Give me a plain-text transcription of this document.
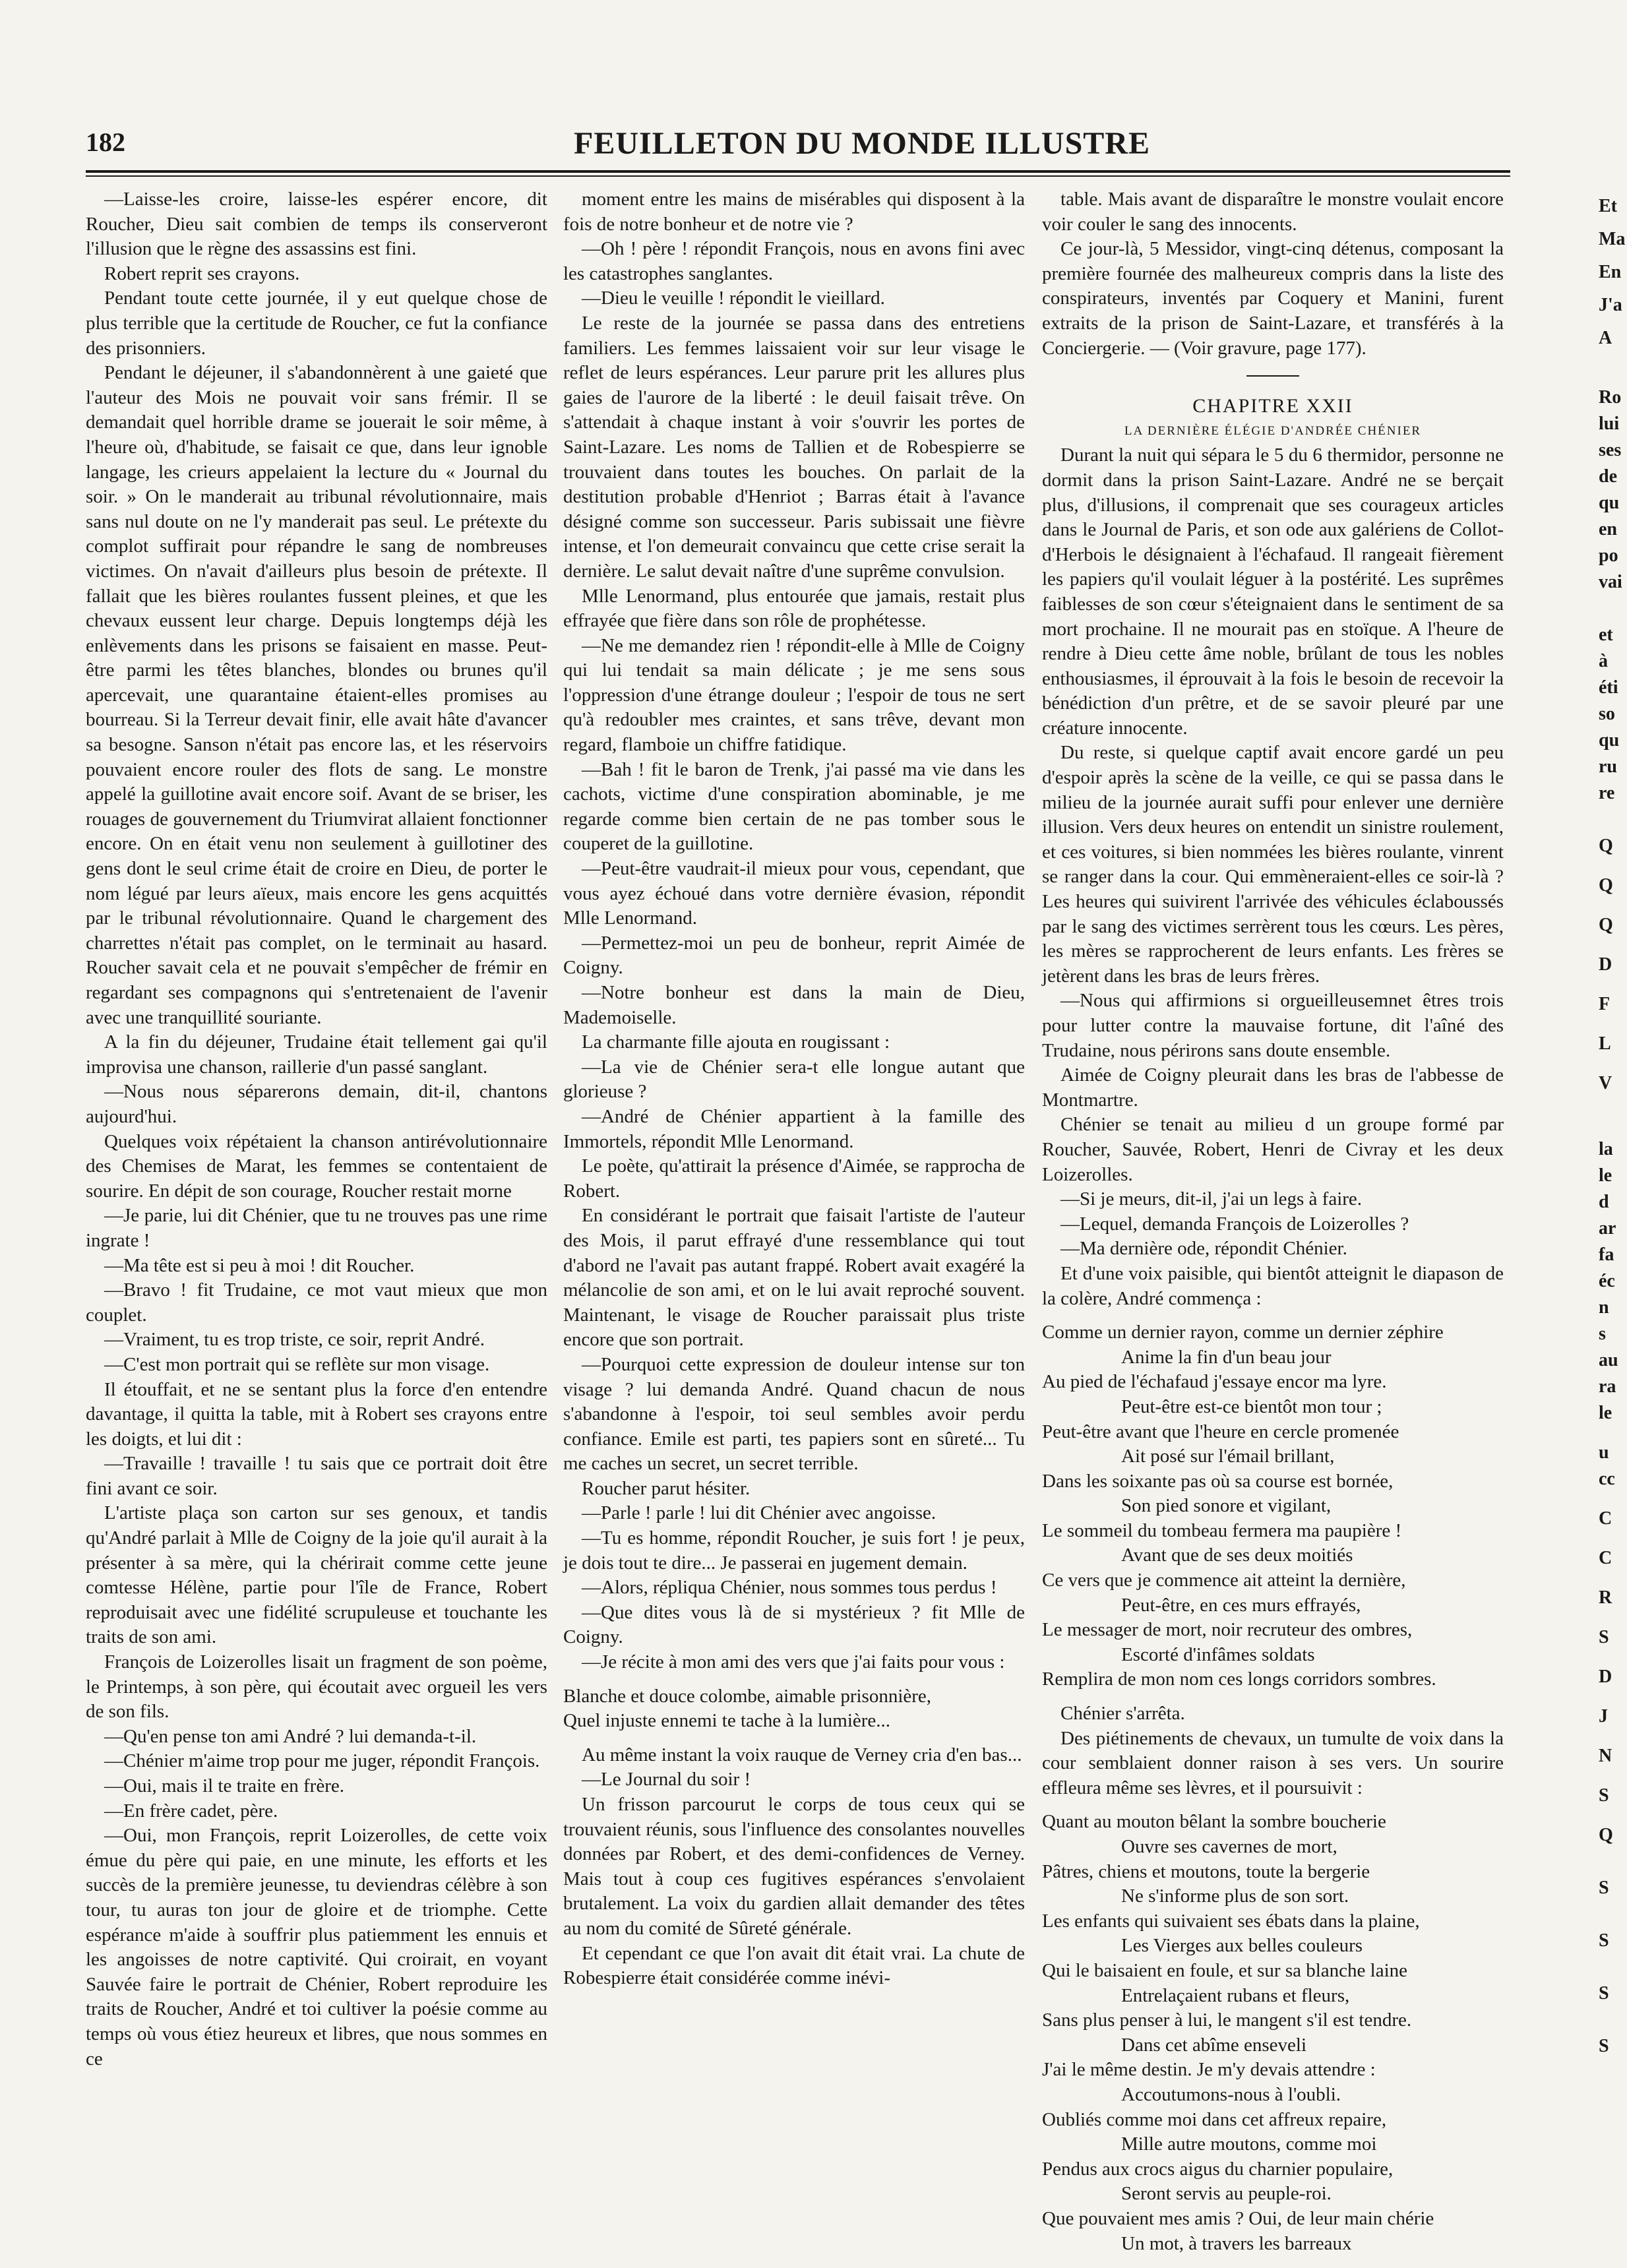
182	FEUILLETON DU MONDE ILLUSTRE

—Laisse-les croire, laisse-les espérer encore, dit Roucher, Dieu sait combien de temps ils conserveront l'illusion que le règne des assassins est fini.

Robert reprit ses crayons.

Pendant toute cette journée, il y eut quelque chose de plus terrible que la certitude de Roucher, ce fut la confiance des prisonniers.

Pendant le déjeuner, il s'abandonnèrent à une gaieté que l'auteur des Mois ne pouvait voir sans frémir. Il se demandait quel horrible drame se jouerait le soir même, à l'heure où, d'habitude, se faisait ce que, dans leur ignoble langage, les crieurs appelaient la lecture du « Journal du soir. » On le manderait au tribunal révolutionnaire, mais sans nul doute on ne l'y manderait pas seul. Le prétexte du complot suffirait pour répandre le sang de nombreuses victimes. On n'avait d'ailleurs plus besoin de prétexte. Il fallait que les bières roulantes fussent pleines, et que les chevaux eussent leur charge. Depuis longtemps déjà les enlèvements dans les prisons se faisaient en masse. Peut-être parmi les têtes blanches, blondes ou brunes qu'il apercevait, une quarantaine étaient-elles promises au bourreau. Si la Terreur devait finir, elle avait hâte d'avancer sa besogne. Sanson n'était pas encore las, et les réservoirs pouvaient encore rouler des flots de sang. Le monstre appelé la guillotine avait encore soif. Avant de se briser, les rouages de gouvernement du Triumvirat allaient fonctionner encore. On en était venu non seulement à guillotiner des gens dont le seul crime était de croire en Dieu, de porter le nom légué par leurs aïeux, mais encore les gens acquittés par le tribunal révolutionnaire. Quand le chargement des charrettes n'était pas complet, on le terminait au hasard. Roucher savait cela et ne pouvait s'empêcher de frémir en regardant ses compagnons qui s'entretenaient de l'avenir avec une tranquillité souriante.

A la fin du déjeuner, Trudaine était tellement gai qu'il improvisa une chanson, raillerie d'un passé sanglant.

—Nous nous séparerons demain, dit-il, chantons aujourd'hui.

Quelques voix répétaient la chanson antirévolutionnaire des Chemises de Marat, les femmes se contentaient de sourire. En dépit de son courage, Roucher restait morne

—Je parie, lui dit Chénier, que tu ne trouves pas une rime ingrate !

—Ma tête est si peu à moi ! dit Roucher.

—Bravo ! fit Trudaine, ce mot vaut mieux que mon couplet.

—Vraiment, tu es trop triste, ce soir, reprit André.

—C'est mon portrait qui se reflète sur mon visage.

Il étouffait, et ne se sentant plus la force d'en entendre davantage, il quitta la table, mit à Robert ses crayons entre les doigts, et lui dit :

—Travaille ! travaille ! tu sais que ce portrait doit être fini avant ce soir.

L'artiste plaça son carton sur ses genoux, et tandis qu'André parlait à Mlle de Coigny de la joie qu'il aurait à la présenter à sa mère, qui la chérirait comme cette jeune comtesse Hélène, partie pour l'île de France, Robert reproduisait avec une fidélité scrupuleuse et touchante les traits de son ami.

François de Loizerolles lisait un fragment de son poème, le Printemps, à son père, qui écoutait avec orgueil les vers de son fils.

—Qu'en pense ton ami André ? lui demanda-t-il.

—Chénier m'aime trop pour me juger, répondit François.

—Oui, mais il te traite en frère.

—En frère cadet, père.

—Oui, mon François, reprit Loizerolles, de cette voix émue du père qui paie, en une minute, les efforts et les succès de la première jeunesse, tu deviendras célèbre à son tour, tu auras ton jour de gloire et de triomphe. Cette espérance m'aide à souffrir plus patiemment les ennuis et les angoisses de notre captivité. Qui croirait, en voyant Sauvée faire le portrait de Chénier, Robert reproduire les traits de Roucher, André et toi cultiver la poésie comme au temps où vous étiez heureux et libres, que nous sommes en ce

moment entre les mains de misérables qui disposent à la fois de notre bonheur et de notre vie ?

—Oh ! père ! répondit François, nous en avons fini avec les catastrophes sanglantes.

—Dieu le veuille ! répondit le vieillard.

Le reste de la journée se passa dans des entretiens familiers. Les femmes laissaient voir sur leur visage le reflet de leurs espérances. Leur parure prit les allures plus gaies de l'aurore de la liberté : le deuil faisait trêve. On s'attendait à chaque instant à voir s'ouvrir les portes de Saint-Lazare. Les noms de Tallien et de Robespierre se trouvaient dans toutes les bouches. On parlait de la destitution probable d'Henriot ; Barras était à l'avance désigné comme son successeur. Paris subissait une fièvre intense, et l'on demeurait convaincu que cette crise serait la dernière. Le salut devait naître d'une suprême convulsion.

Mlle Lenormand, plus entourée que jamais, restait plus effrayée que fière dans son rôle de prophétesse.

—Ne me demandez rien ! répondit-elle à Mlle de Coigny qui lui tendait sa main délicate ; je me sens sous l'oppression d'une étrange douleur ; l'espoir de tous ne sert qu'à redoubler mes craintes, et sans trêve, devant mon regard, flamboie un chiffre fatidique.

—Bah ! fit le baron de Trenk, j'ai passé ma vie dans les cachots, victime d'une conspiration abominable, je me regarde comme bien certain de ne pas tomber sous le couperet de la guillotine.

—Peut-être vaudrait-il mieux pour vous, cependant, que vous ayez échoué dans votre dernière évasion, répondit Mlle Lenormand.

—Permettez-moi un peu de bonheur, reprit Aimée de Coigny.

—Notre bonheur est dans la main de Dieu, Mademoiselle.

La charmante fille ajouta en rougissant :

—La vie de Chénier sera-t elle longue autant que glorieuse ?

—André de Chénier appartient à la famille des Immortels, répondit Mlle Lenormand.

Le poète, qu'attirait la présence d'Aimée, se rapprocha de Robert.

En considérant le portrait que faisait l'artiste de l'auteur des Mois, il parut effrayé d'une ressemblance qui tout d'abord ne l'avait pas autant frappé. Robert avait exagéré la mélancolie de son ami, et on le lui avait reproché souvent. Maintenant, le visage de Roucher paraissait plus triste encore que son portrait.

—Pourquoi cette expression de douleur intense sur ton visage ? lui demanda André. Quand chacun de nous s'abandonne à l'espoir, toi seul sembles avoir perdu confiance. Emile est parti, tes papiers sont en sûreté... Tu me caches un secret, un secret terrible.

Roucher parut hésiter.

—Parle ! parle ! lui dit Chénier avec angoisse.

—Tu es homme, répondit Roucher, je suis fort ! je peux, je dois tout te dire... Je passerai en jugement demain.

—Alors, répliqua Chénier, nous sommes tous perdus !

—Que dites vous là de si mystérieux ? fit Mlle de Coigny.

—Je récite à mon ami des vers que j'ai faits pour vous :

Blanche et douce colombe, aimable prisonnière,
Quel injuste ennemi te tache à la lumière...

Au même instant la voix rauque de Verney cria d'en bas...

—Le Journal du soir !

Un frisson parcourut le corps de tous ceux qui se trouvaient réunis, sous l'influence des consolantes nouvelles données par Robert, et des demi-confidences de Verney. Mais tout à coup ces fugitives espérances s'envolaient brutalement. La voix du gardien allait demander des têtes au nom du comité de Sûreté générale.

Et cependant ce que l'on avait dit était vrai. La chute de Robespierre était considérée comme inévi-

table. Mais avant de disparaître le monstre voulait encore voir couler le sang des innocents.

Ce jour-là, 5 Messidor, vingt-cinq détenus, composant la première fournée des malheureux compris dans la liste des conspirateurs, inventés par Coquery et Manini, furent extraits de la prison de Saint-Lazare, et transférés à la Conciergerie. — (Voir gravure, page 177).

CHAPITRE XXII

LA DERNIÈRE ÉLÉGIE D'ANDRÉE CHÉNIER

Durant la nuit qui sépara le 5 du 6 thermidor, personne ne dormit dans la prison Saint-Lazare. André ne se berçait plus, d'illusions, il comprenait que ses courageux articles dans le Journal de Paris, et son ode aux galériens de Collot-d'Herbois le désignaient à l'échafaud. Il rangeait fièrement les papiers qu'il voulait léguer à la postérité. Les suprêmes faiblesses de son cœur s'éteignaient dans le sentiment de sa mort prochaine. Il ne mourait pas en stoïque. A l'heure de rendre à Dieu cette âme noble, brûlant de tous les nobles enthousiasmes, il éprouvait à la fois le besoin de recevoir la bénédiction d'un prêtre, et de se savoir pleuré par une créature innocente.

Du reste, si quelque captif avait encore gardé un peu d'espoir après la scène de la veille, ce qui se passa dans le milieu de la journée aurait suffi pour enlever une dernière illusion. Vers deux heures on entendit un sinistre roulement, et ces voitures, si bien nommées les bières roulante, vinrent se ranger dans la cour. Qui emmèneraient-elles ce soir-là ? Les heures qui suivirent l'arrivée des véhicules éclaboussés par le sang des victimes serrèrent tous les cœurs. Les pères, les mères se rapprocherent de leurs enfants. Les frères se jetèrent dans les bras de leurs frères.

—Nous qui affirmions si orgueilleusemnet êtres trois pour lutter contre la mauvaise fortune, dit l'aîné des Trudaine, nous périrons sans doute ensemble.

Aimée de Coigny pleurait dans les bras de l'abbesse de Montmartre.

Chénier se tenait au milieu d un groupe formé par Roucher, Sauvée, Robert, Henri de Civray et les deux Loizerolles.

—Si je meurs, dit-il, j'ai un legs à faire.

—Lequel, demanda François de Loizerolles ?

—Ma dernière ode, répondit Chénier.

Et d'une voix paisible, qui bientôt atteignit le diapason de la colère, André commença :

Comme un dernier rayon, comme un dernier zéphire
Anime la fin d'un beau jour
Au pied de l'échafaud j'essaye encor ma lyre.
Peut-être est-ce bientôt mon tour ;
Peut-être avant que l'heure en cercle promenée
Ait posé sur l'émail brillant,
Dans les soixante pas où sa course est bornée,
Son pied sonore et vigilant,
Le sommeil du tombeau fermera ma paupière !
Avant que de ses deux moitiés
Ce vers que je commence ait atteint la dernière,
Peut-être, en ces murs effrayés,
Le messager de mort, noir recruteur des ombres,
Escorté d'infâmes soldats
Remplira de mon nom ces longs corridors sombres.

Chénier s'arrêta.

Des piétinements de chevaux, un tumulte de voix dans la cour semblaient donner raison à ses vers. Un sourire effleura même ses lèvres, et il poursuivit :

Quant au mouton bêlant la sombre boucherie
Ouvre ses cavernes de mort,
Pâtres, chiens et moutons, toute la bergerie
Ne s'informe plus de son sort.
Les enfants qui suivaient ses ébats dans la plaine,
Les Vierges aux belles couleurs
Qui le baisaient en foule, et sur sa blanche laine
Entrelaçaient rubans et fleurs,
Sans plus penser à lui, le mangent s'il est tendre.
Dans cet abîme enseveli
J'ai le même destin. Je m'y devais attendre :
Accoutumons-nous à l'oubli.
Oubliés comme moi dans cet affreux repaire,
Mille autre moutons, comme moi
Pendus aux crocs aigus du charnier populaire,
Seront servis au peuple-roi.
Que pouvaient mes amis ? Oui, de leur main chérie
Un mot, à travers les barreaux
Et
Ma
En
J'a
A
Ro
lui
ses
de
qu
en
po
vai
et
à
éti
so
qu
ru
re
Q
Q
Q
D
F
L
V
la
le
d
ar
fa
éc
n
s
au
ra
le
u
cc
C
C
R
S
D
J
N
S
Q
S
S
S
S
